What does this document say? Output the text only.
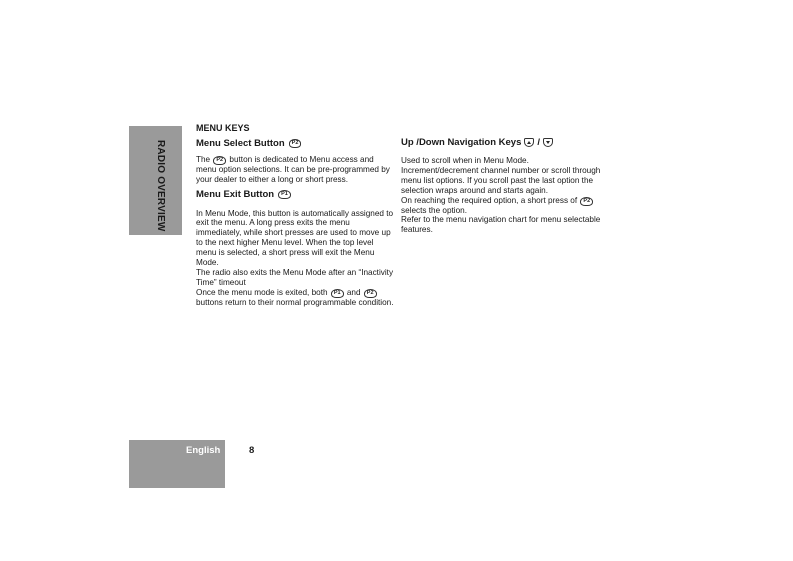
RADIO OVERVIEW
English	8
MENU KEYS
Menu Select Button	P2

The P2 button is dedicated to Menu access and menu option selections. It can be pre-programmed by your dealer to either a long or short press.

Menu Exit Button	P1

In Menu Mode, this button is automatically assigned to exit the menu. A long press exits the menu immediately, while short presses are used to move up to the next higher Menu level. When the top level menu is selected, a short press will exit the Menu Mode.

The radio also exits the Menu Mode after an “Inactivity Time” timeout

Once the menu mode is exited, both P1 and P2 buttons return to their normal programmable condition.

Up /Down Navigation Keys /

Used to scroll when in Menu Mode.

Increment/decrement channel number or scroll through menu list options. If you scroll past the last option the selection wraps around and starts again.

On reaching the required option, a short press of P2 selects the option.

Refer to the menu navigation chart for menu selectable features.
